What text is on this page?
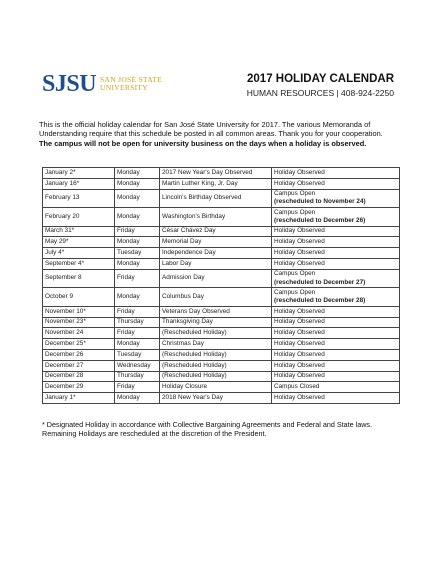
SJSU SAN JOSÉ STATE
UNIVERSITY
2017 HOLIDAY CALENDAR
HUMAN RESOURCES | 408-924-2250
This is the official holiday calendar for San José State University for 2017. The various Memoranda of Understanding require that this schedule be posted in all common areas. Thank you for your cooperation.
The campus will not be open for university business on the days when a holiday is observed.
January 2*	Monday	2017 New Year's Day Observed	Holiday Observed

January 16*	Monday	Martin Luther King, Jr. Day	Holiday Observed

February 13	Monday	Lincoln's Birthday Observed	Campus Open
(rescheduled to November 24)

February 20	Monday	Washington's Birthday	Campus Open
(rescheduled to December 26)

March 31*	Friday	César Chávez Day	Holiday Observed

May 29*	Monday	Memorial Day	Holiday Observed

July 4*	Tuesday	Independence Day	Holiday Observed

September 4*	Monday	Labor Day	Holiday Observed

September 8	Friday	Admission Day	Campus Open
(rescheduled to December 27)

October 9	Monday	Columbus Day	Campus Open
(rescheduled to December 28)

November 10*	Friday	Veterans Day Observed	Holiday Observed

November 23*	Thursday	Thanksgiving Day	Holiday Observed

November 24	Friday	(Rescheduled Holiday)	Holiday Observed

December 25*	Monday	Christmas Day	Holiday Observed

December 26	Tuesday	(Rescheduled Holiday)	Holiday Observed

December 27	Wednesday	(Rescheduled Holiday)	Holiday Observed

December 28	Thursday	(Rescheduled Holiday)	Holiday Observed

December 29	Friday	Holiday Closure	Campus Closed

January 1*	Monday	2018 New Year's Day	Holiday Observed
* Designated Holiday in accordance with Collective Bargaining Agreements and Federal and State laws. Remaining Holidays are rescheduled at the discretion of the President.
